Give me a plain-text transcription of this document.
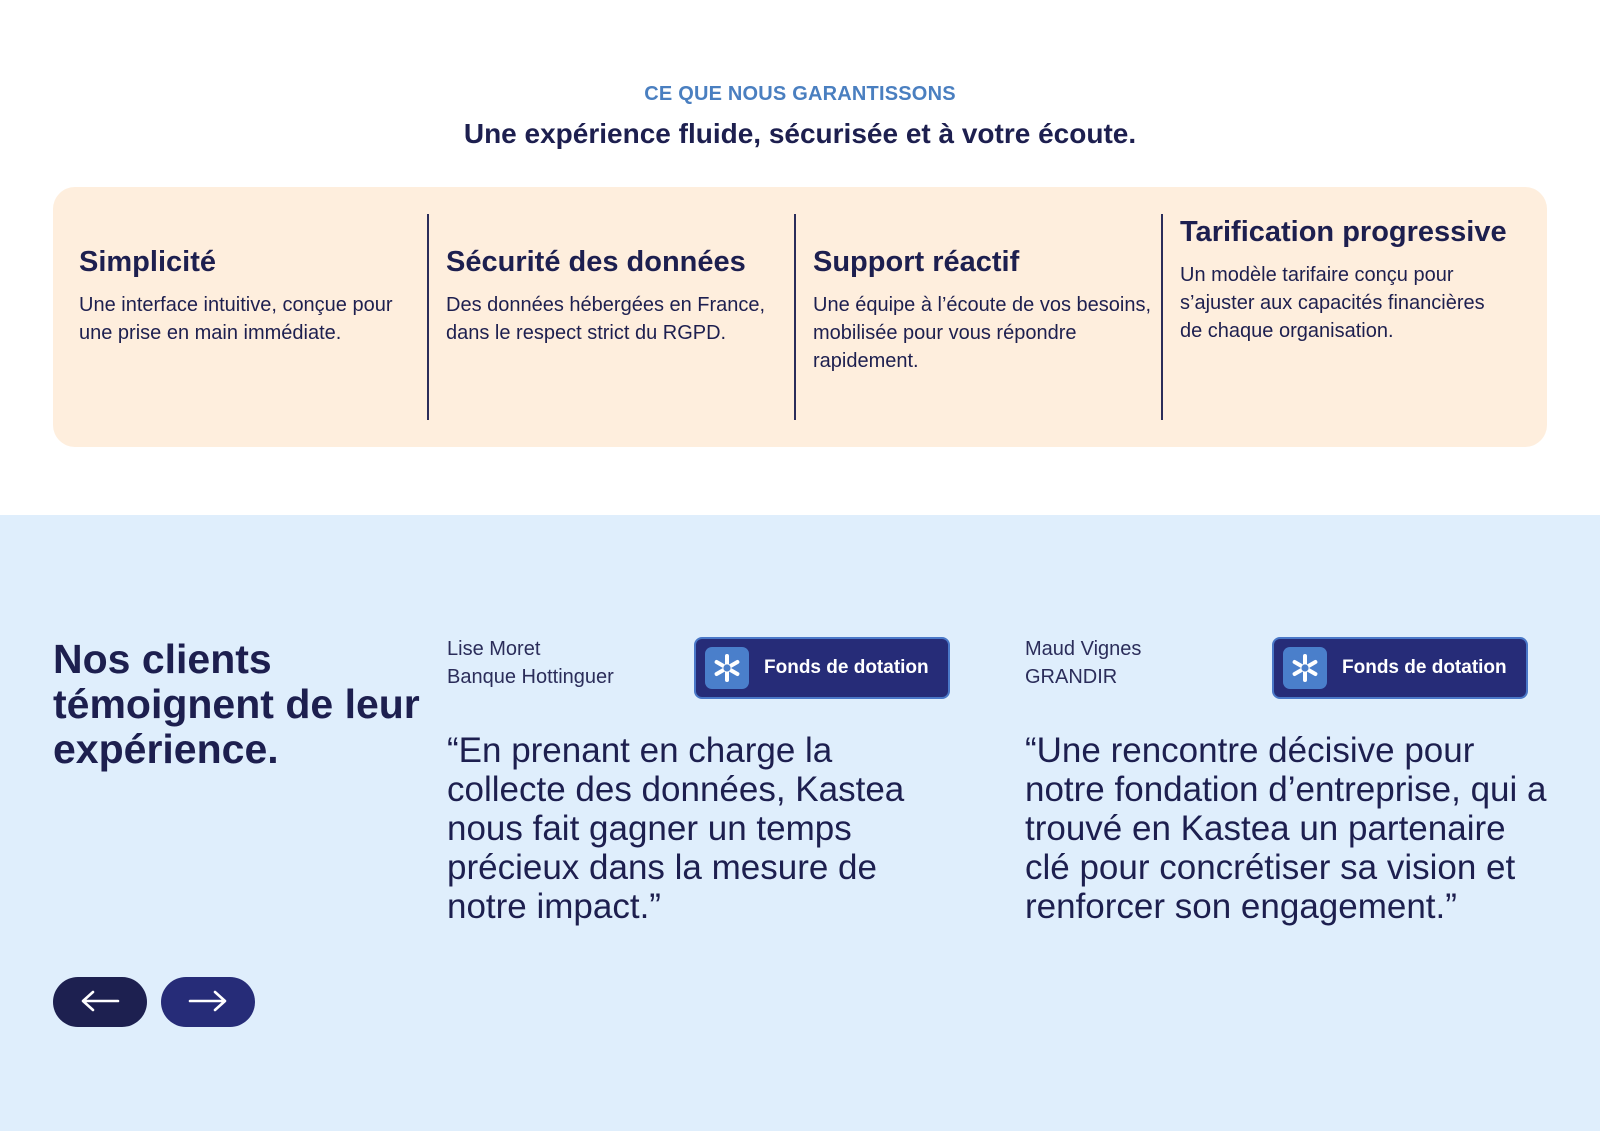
CE QUE NOUS GARANTISSONS
Une expérience fluide, sécurisée et à votre écoute.
Simplicité

Une interface intuitive, conçue pour une prise en main immédiate.

Sécurité des données

Des données hébergées en France, dans le respect strict du RGPD.

Support réactif

Une équipe à l’écoute de vos besoins, mobilisée pour vous répondre rapidement.

Tarification progressive

Un modèle tarifaire conçu pour s’ajuster aux capacités financières de chaque organisation.

Nos clients témoignent de leur expérience.
Lise Moret
Banque Hottinguer	Fonds de dotation

“En prenant en charge la collecte des données, Kastea nous fait gagner un temps précieux dans la mesure de notre impact.”

Maud Vignes
GRANDIR	Fonds de dotation

“Une rencontre décisive pour notre fondation d’entreprise, qui a trouvé en Kastea un partenaire clé pour concrétiser sa vision et renforcer son engagement.”
